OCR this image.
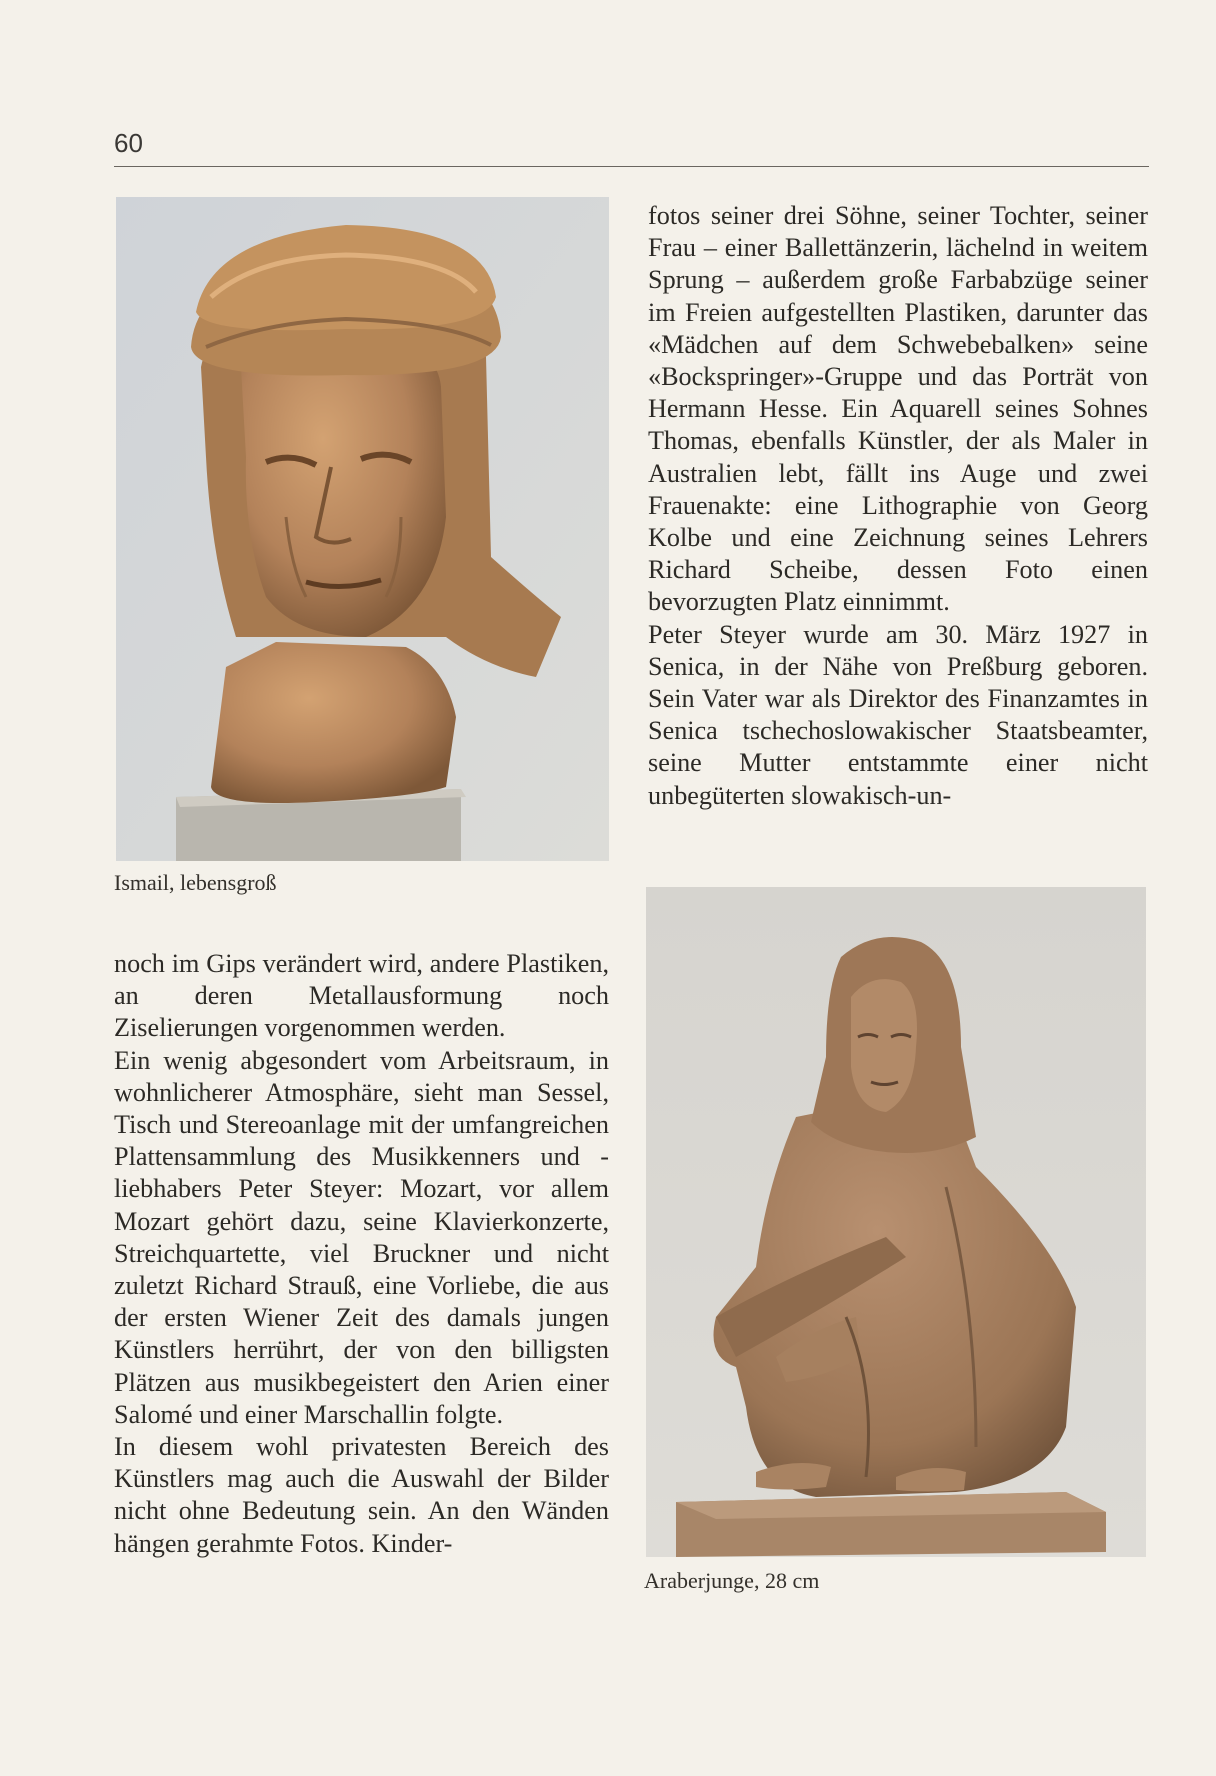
60
Ismail, lebensgroß
Araberjunge, 28 cm

fotos seiner drei Söhne, seiner Tochter, seiner Frau – einer Ballettänzerin, lächelnd in weitem Sprung – außerdem große Farbabzüge seiner im Freien aufgestellten Plastiken, darunter das «Mädchen auf dem Schwebebalken» seine «Bockspringer»-Gruppe und das Porträt von Hermann Hesse. Ein Aquarell seines Sohnes Thomas, ebenfalls Künstler, der als Maler in Australien lebt, fällt ins Auge und zwei Frauenakte: eine Lithographie von Georg Kolbe und eine Zeichnung seines Lehrers Richard Scheibe, dessen Foto einen bevorzugten Platz einnimmt.

Peter Steyer wurde am 30. März 1927 in Senica, in der Nähe von Preßburg geboren. Sein Vater war als Direktor des Finanzamtes in Senica tschechoslowakischer Staatsbeamter, seine Mutter entstammte einer nicht unbegüterten slowakisch-un-

noch im Gips verändert wird, andere Plastiken, an deren Metallausformung noch Ziselierungen vorgenommen werden.

Ein wenig abgesondert vom Arbeitsraum, in wohnlicherer Atmosphäre, sieht man Sessel, Tisch und Stereoanlage mit der umfangreichen Plattensammlung des Musikkenners und -liebhabers Peter Steyer: Mozart, vor allem Mozart gehört dazu, seine Klavierkonzerte, Streichquartette, viel Bruckner und nicht zuletzt Richard Strauß, eine Vorliebe, die aus der ersten Wiener Zeit des damals jungen Künstlers herrührt, der von den billigsten Plätzen aus musikbegeistert den Arien einer Salomé und einer Marschallin folgte.

In diesem wohl privatesten Bereich des Künstlers mag auch die Auswahl der Bilder nicht ohne Bedeutung sein. An den Wänden hängen gerahmte Fotos. Kinder-
